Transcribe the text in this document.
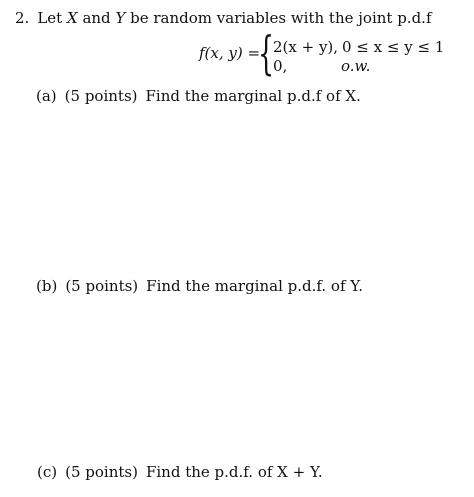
2. Let X and Y be random variables with the joint p.d.f
f(x, y) =
{
2(x + y), 0 ≤ x ≤ y ≤ 1
0,	o.w.
(a) (5 points) Find the marginal p.d.f of X.
(b) (5 points) Find the marginal p.d.f. of Y.
(c) (5 points) Find the p.d.f. of X + Y.
